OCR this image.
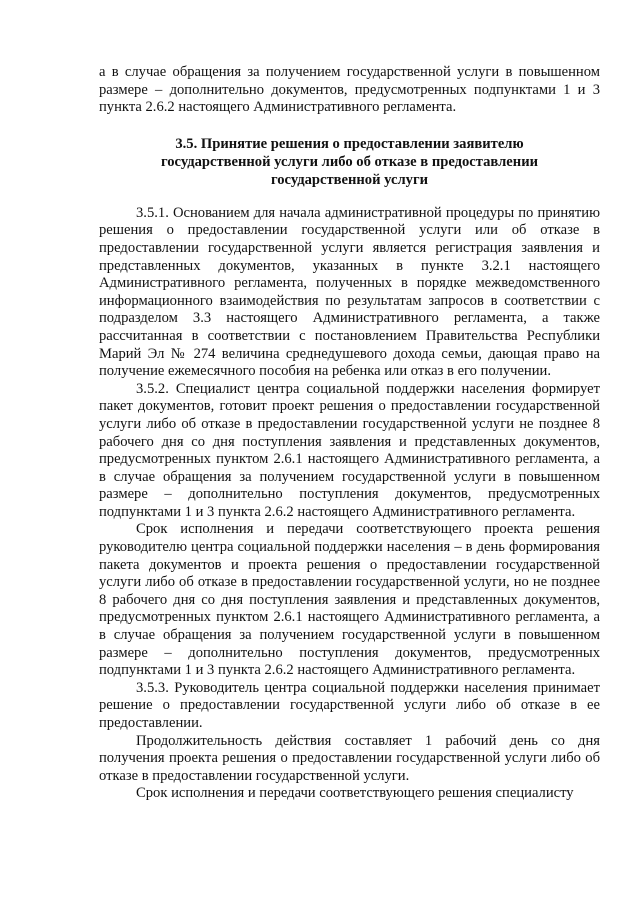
а в случае обращения за получением государственной услуги в повышенном размере – дополнительно документов, предусмотренных подпунктами 1 и 3 пункта 2.6.2 настоящего Административного регламента.

3.5. Принятие решения о предоставлении заявителю
государственной услуги либо об отказе в предоставлении
государственной услуги

3.5.1. Основанием для начала административной процедуры по принятию решения о предоставлении государственной услуги или об отказе в предоставлении государственной услуги является регистрация заявления и представленных документов, указанных в пункте 3.2.1 настоящего Административного регламента, полученных в порядке межведомственного информационного взаимодействия по результатам запросов в соответствии с подразделом 3.3 настоящего Административного регламента, а также рассчитанная в соответствии с постановлением Правительства Республики Марий Эл № 274 величина среднедушевого дохода семьи, дающая право на получение ежемесячного пособия на ребенка или отказ в его получении.

3.5.2. Специалист центра социальной поддержки населения формирует пакет документов, готовит проект решения о предоставлении государственной услуги либо об отказе в предоставлении государственной услуги не позднее 8 рабочего дня со дня поступления заявления и представленных документов, предусмотренных пунктом 2.6.1 настоящего Административного регламента, а в случае обращения за получением государственной услуги в повышенном размере – дополнительно поступления документов, предусмотренных подпунктами 1 и 3 пункта 2.6.2 настоящего Административного регламента.

Срок исполнения и передачи соответствующего проекта решения руководителю центра социальной поддержки населения – в день формирования пакета документов и проекта решения о предоставлении государственной услуги либо об отказе в предоставлении государственной услуги, но не позднее 8 рабочего дня со дня поступления заявления и представленных документов, предусмотренных пунктом 2.6.1 настоящего Административного регламента, а в случае обращения за получением государственной услуги в повышенном размере – дополнительно поступления документов, предусмотренных подпунктами 1 и 3 пункта 2.6.2 настоящего Административного регламента.

3.5.3. Руководитель центра социальной поддержки населения принимает решение о предоставлении государственной услуги либо об отказе в ее предоставлении.

Продолжительность действия составляет 1 рабочий день со дня получения проекта решения о предоставлении государственной услуги либо об отказе в предоставлении государственной услуги.

Срок исполнения и передачи соответствующего решения специалисту
